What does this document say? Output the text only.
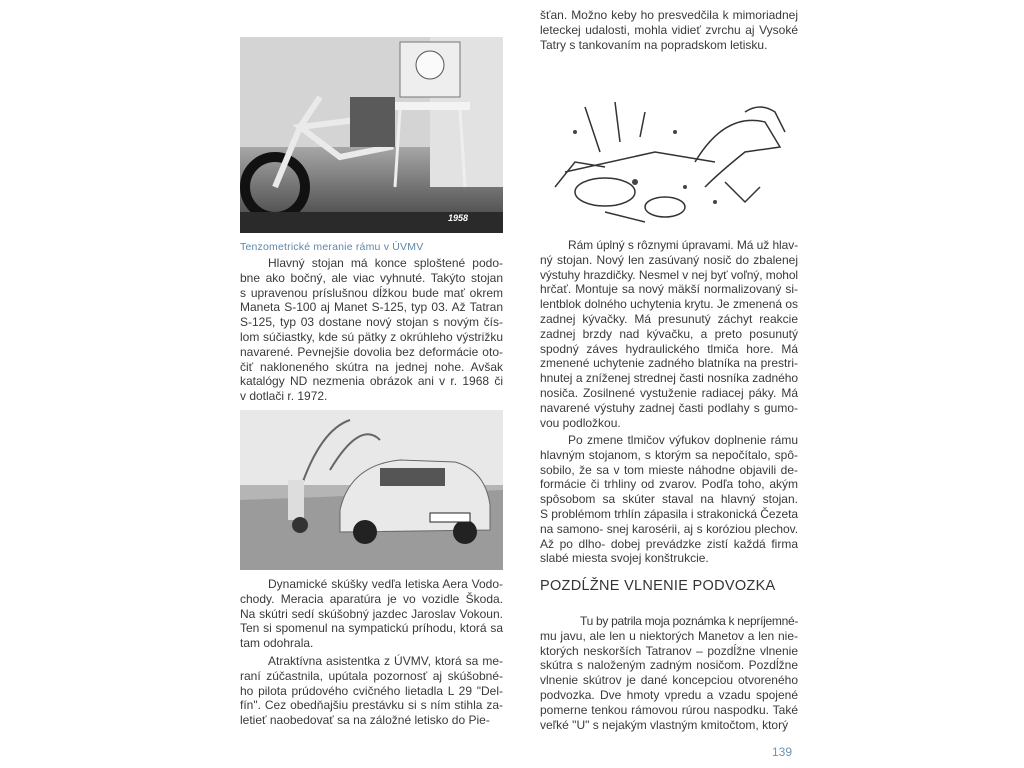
1958
Tenzometrické meranie rámu v ÚVMV
Hlavný stojan má konce sploštené podo-
bne ako bočný, ale viac vyhnuté. Takýto stojan
s upravenou príslušnou dĺžkou bude mať okrem
Maneta S-100 aj Manet S-125, typ 03. Až Tatran
S-125, typ 03 dostane nový stojan s novým čís-
lom súčiastky, kde sú pätky z okrúhleho výstrižku
navarené. Pevnejšie dovolia bez deformácie oto-
čiť nakloneného skútra na jednej nohe. Avšak
katalógy ND nezmenia obrázok ani v r. 1968 či
v dotlači r. 1972.
Dynamické skúšky vedľa letiska Aera Vodo-
chody. Meracia aparatúra je vo vozidle Škoda.
Na skútri sedí skúšobný jazdec Jaroslav Vokoun.
Ten si spomenul na sympatickú príhodu, ktorá sa
tam odohrala.
Atraktívna asistentka z ÚVMV, ktorá sa me-
raní zúčastnila, upútala pozornosť aj skúšobné-
ho pilota prúdového cvičného lietadla L 29 "Del-
fín". Cez obedňajšiu prestávku si s ním stihla za-
letieť naobedovať sa na záložné letisko do Pie-
šťan. Možno keby ho presvedčila k mimoriadnej
leteckej udalosti, mohla vidieť zvrchu aj Vysoké
Tatry s tankovaním na popradskom letisku.
Rám úplný s rôznymi úpravami. Má už hlav-
ný stojan. Nový len zasúvaný nosič do zbalenej
výstuhy hrazdičky. Nesmel v nej byť voľný, mohol
hrčať. Montuje sa nový mäkší normalizovaný si-
lentblok dolného uchytenia krytu. Je zmenená os
zadnej kývačky. Má presunutý záchyt reakcie
zadnej brzdy nad kývačku, a preto posunutý
spodný záves hydraulického tlmiča hore. Má
zmenené uchytenie zadného blatníka na prestri-
hnutej a zníženej strednej časti nosníka zadného
nosiča. Zosilnené vystuženie radiacej páky. Má
navarené výstuhy zadnej časti podlahy s gumo-
vou podložkou.
Po zmene tlmičov výfukov doplnenie rámu
hlavným stojanom, s ktorým sa nepočítalo, spô-
sobilo, že sa v tom mieste náhodne objavili de-
formácie či trhliny od zvarov. Podľa toho, akým
spôsobom sa skúter staval na hlavný stojan.
S problémom trhlín zápasila i strakonická Čezeta
na samono- snej karosérii, aj s koróziou plechov.
Až po dlho- dobej prevádzke zistí každá firma
slabé miesta svojej konštrukcie.
POZDĹŽNE VLNENIE PODVOZKA
Tu by patrila moja poznámka k nepríjemné-
mu javu, ale len u niektorých Manetov a len nie-
ktorých neskorších Tatranov – pozdĺžne vlnenie
skútra s naloženým zadným nosičom. Pozdĺžne
vlnenie skútrov je dané koncepciou otvoreného
podvozka. Dve hmoty vpredu a vzadu spojené
pomerne tenkou rámovou rúrou naspodku. Také
veľké "U" s nejakým vlastným kmitočtom, ktorý
139
